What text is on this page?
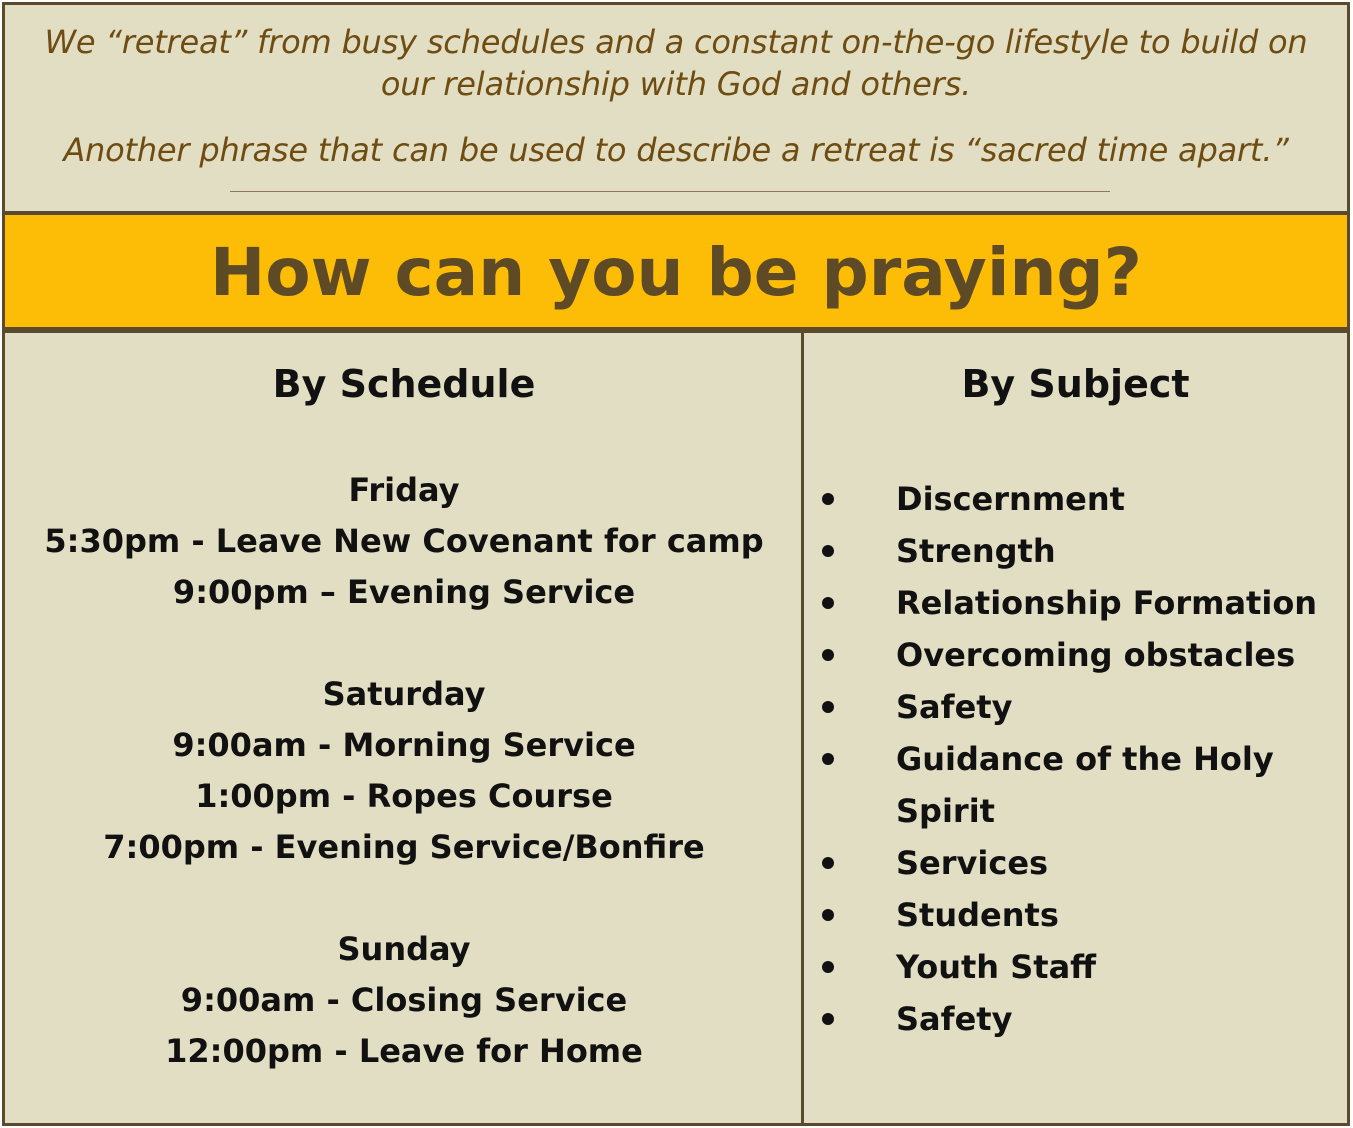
We “retreat” from busy schedules and a constant on-the-go lifestyle to build on our relationship with God and others.

Another phrase that can be used to describe a retreat is “sacred time apart.”

How can you be praying?
By Schedule
Friday
5:30pm - Leave New Covenant for camp
9:00pm – Evening Service
Saturday
9:00am - Morning Service
1:00pm - Ropes Course
7:00pm - Evening Service/Bonfire
Sunday
9:00am - Closing Service
12:00pm - Leave for Home
By Subject
Discernment
Strength
Relationship Formation
Overcoming obstacles
Safety
Guidance of the Holy Spirit
Services
Students
Youth Staff
Safety
